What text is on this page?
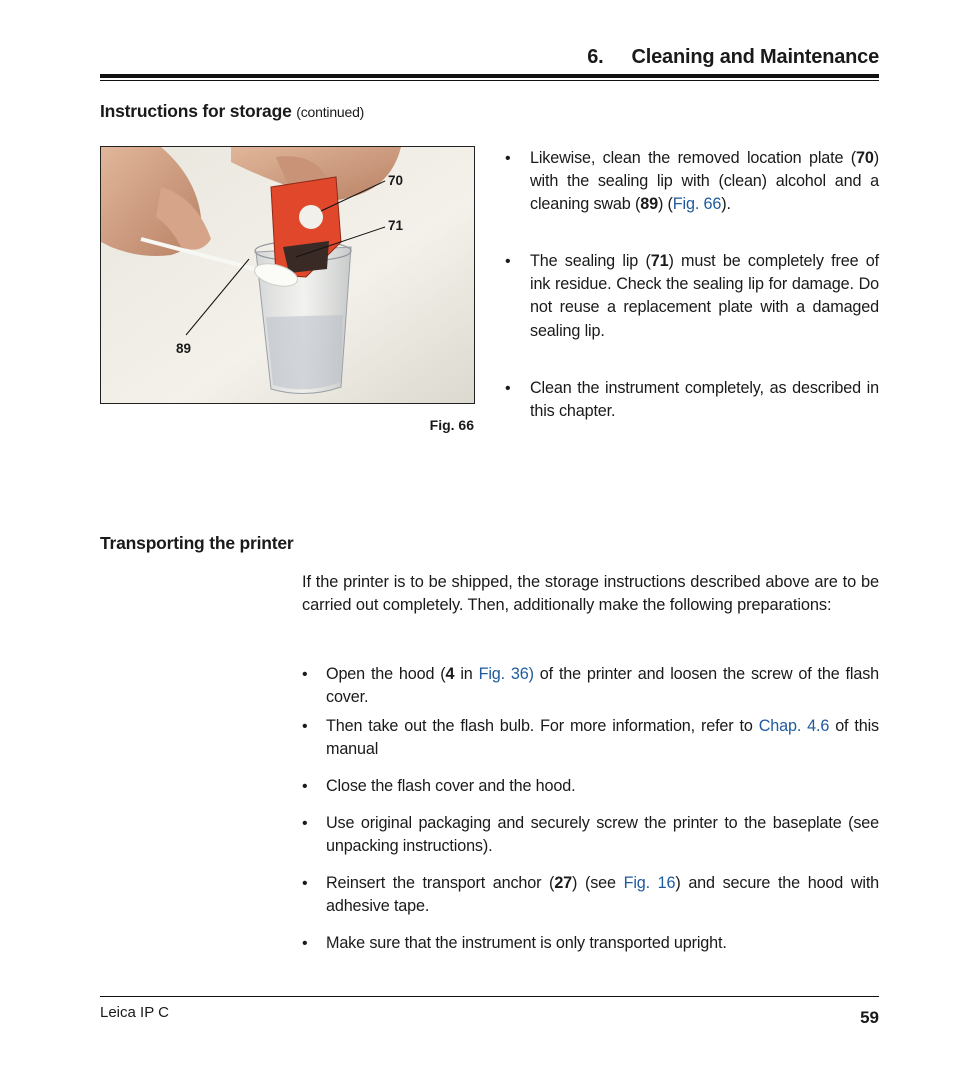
6. Cleaning and Maintenance
Instructions for storage (continued)
70
71
89
Fig. 66
• Likewise, clean the removed location plate (70) with the sealing lip with (clean) alcohol and a cleaning swab (89) (Fig. 66).
• The sealing lip (71) must be completely free of ink residue. Check the sealing lip for damage. Do not reuse a replacement plate with a damaged sealing lip.
• Clean the instrument completely, as described in this chapter.
Transporting the printer
If the printer is to be shipped, the storage instructions described above are to be carried out completely. Then, additionally make the following preparations:
• Open the hood (4 in Fig. 36) of the printer and loosen the screw of the flash cover.
• Then take out the flash bulb. For more information, refer to Chap. 4.6 of this manual
• Close the flash cover and the hood.
• Use original packaging and securely screw the printer to the baseplate (see unpacking instructions).
• Reinsert the transport anchor (27) (see Fig. 16) and secure the hood with adhesive tape.
• Make sure that the instrument is only transported upright.
Leica IP C	59
